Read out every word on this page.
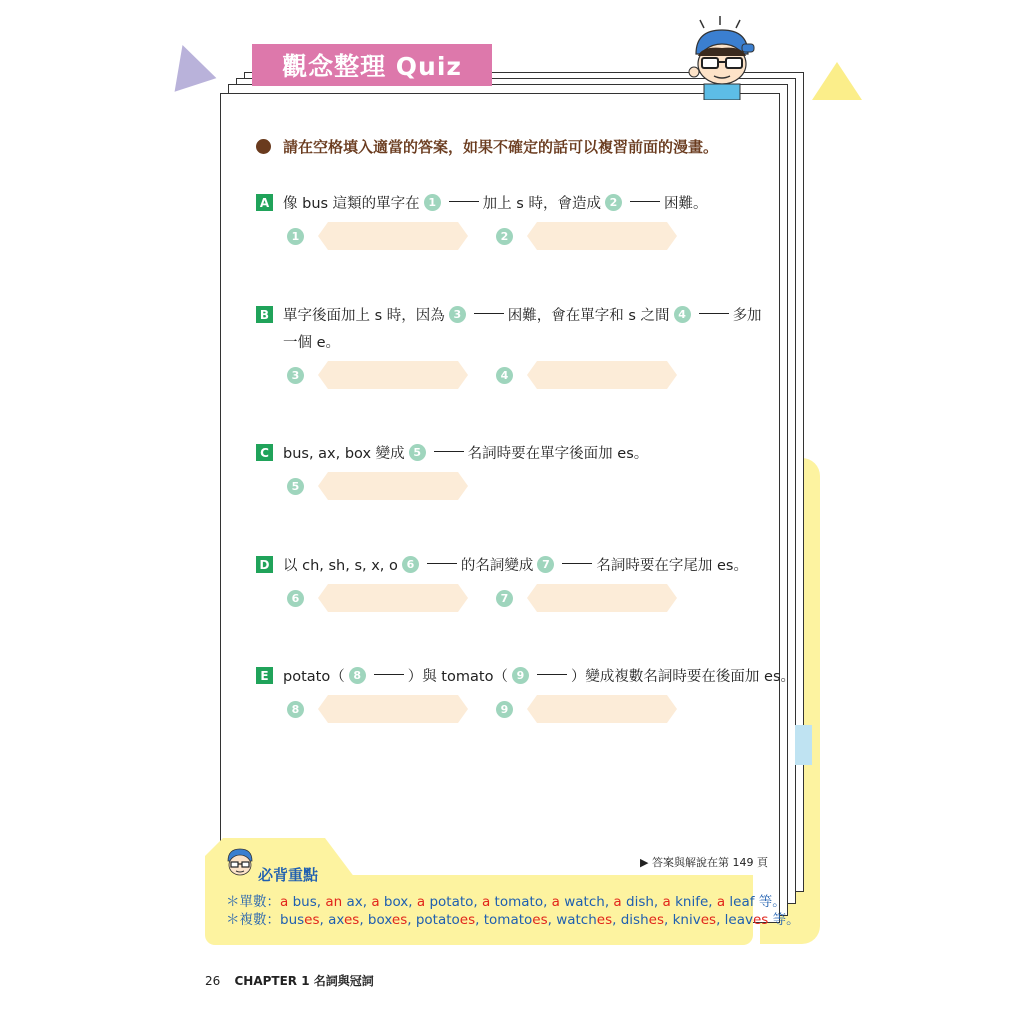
觀念整理 Quiz
請在空格填入適當的答案，如果不確定的話可以複習前面的漫畫。
A 像 bus 這類的單字在 1	加上 s 時，會造成 2	困難。
1	2
B 單字後面加上 s 時，因為 3	困難，會在單字和 s 之間 4	多加
一個 e。
3	4
C bus, ax, box 變成 5	名詞時要在單字後面加 es。
5
D 以 ch, sh, s, x, o 6	的名詞變成 7	名詞時要在字尾加 es。
6	7
E potato（ 8	）與 tomato（ 9	）變成複數名詞時要在後面加 es。
8	9
▶ 答案與解說在第 149 頁
必背重點
＊單數：a bus, an ax, a box, a potato, a tomato, a watch, a dish, a knife, a leaf 等。
＊複數：buses, axes, boxes, potatoes, tomatoes, watches, dishes, knives, leaves 等。
26 CHAPTER 1 名詞與冠詞
